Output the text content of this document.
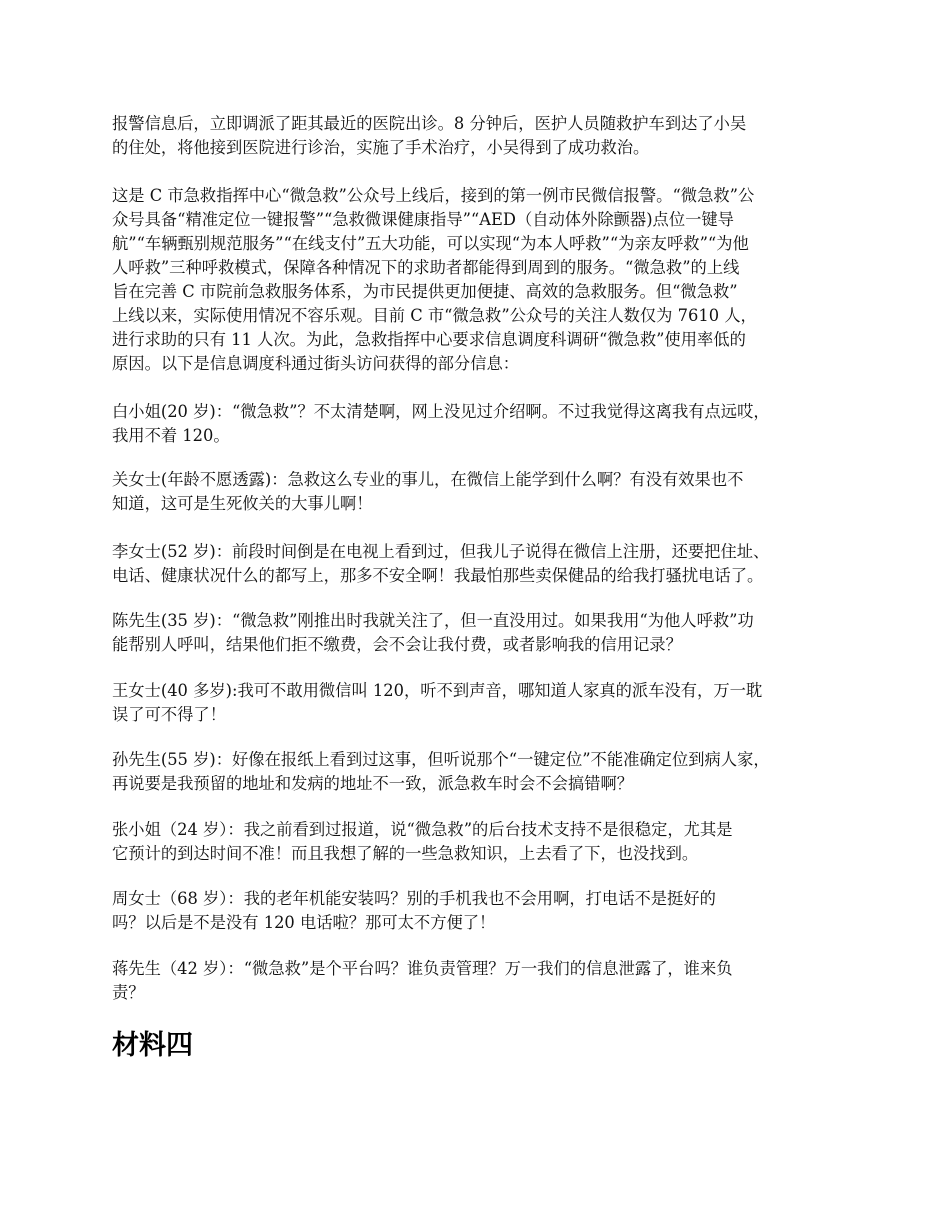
报警信息后，立即调派了距其最近的医院出诊。8 分钟后，医护人员随救护车到达了小吴
的住处，将他接到医院进行诊治，实施了手术治疗，小吴得到了成功救治。

这是 C 市急救指挥中心“微急救”公众号上线后，接到的第一例市民微信报警。“微急救”公
众号具备“精准定位一键报警”“急救微课健康指导”“AED（自动体外除颤器)点位一键导
航”“车辆甄别规范服务”“在线支付”五大功能，可以实现“为本人呼救”“为亲友呼救”“为他
人呼救”三种呼救模式，保障各种情况下的求助者都能得到周到的服务。“微急救”的上线
旨在完善 C 市院前急救服务体系，为市民提供更加便捷、高效的急救服务。但“微急救”
上线以来，实际使用情况不容乐观。目前 C 市“微急救”公众号的关注人数仅为 7610 人，
进行求助的只有 11 人次。为此，急救指挥中心要求信息调度科调研“微急救”使用率低的
原因。以下是信息调度科通过街头访问获得的部分信息：

白小姐(20 岁)：“微急救”？不太清楚啊，网上没见过介绍啊。不过我觉得这离我有点远哎，
我用不着 120。

关女士(年龄不愿透露)：急救这么专业的事儿，在微信上能学到什么啊？有没有效果也不
知道，这可是生死攸关的大事儿啊！

李女士(52 岁)：前段时间倒是在电视上看到过，但我儿子说得在微信上注册，还要把住址、
电话、健康状况什么的都写上，那多不安全啊！我最怕那些卖保健品的给我打骚扰电话了。

陈先生(35 岁)：“微急救”刚推出时我就关注了，但一直没用过。如果我用“为他人呼救”功
能帮别人呼叫，结果他们拒不缴费，会不会让我付费，或者影响我的信用记录？

王女士(40 多岁):我可不敢用微信叫 120，听不到声音，哪知道人家真的派车没有，万一耽
误了可不得了！

孙先生(55 岁)：好像在报纸上看到过这事，但听说那个“一键定位”不能准确定位到病人家，
再说要是我预留的地址和发病的地址不一致，派急救车时会不会搞错啊？

张小姐（24 岁）：我之前看到过报道，说“微急救”的后台技术支持不是很稳定，尤其是
它预计的到达时间不准！而且我想了解的一些急救知识，上去看了下，也没找到。

周女士（68 岁）：我的老年机能安装吗？别的手机我也不会用啊，打电话不是挺好的
吗？以后是不是没有 120 电话啦？那可太不方便了！

蒋先生（42 岁）：“微急救”是个平台吗？谁负责管理？万一我们的信息泄露了，谁来负
责？

材料四
